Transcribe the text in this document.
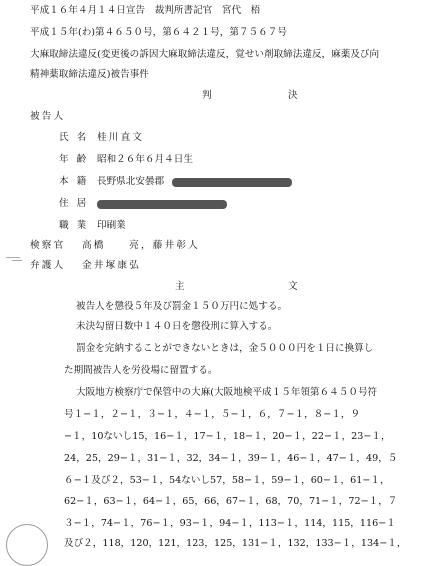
平成１６年４月１４日宣告　裁判所書記官　宮代　梧
平成１５年(わ)第４６５０号，第６４２１号，第７５６７号
大麻取締法違反(変更後の訴因大麻取締法違反，覚せい剤取締法違反，麻薬及び向
精神薬取締法違反)被告事件
判	決
被告人
氏名 桂川直文
年齢 昭和２６年６月４日生
本籍 長野県北安曇郡
住居
職業 印刷業
検察官 高橋　　亮，藤井彰人
弁護人 金井塚康弘
主	文
被告人を懲役５年及び罰金１５０万円に処する。
未決勾留日数中１４０日を懲役刑に算入する。
罰金を完納することができないときは，金５０００円を１日に換算し
た期間被告人を労役場に留置する。
大阪地方検察庁で保管中の大麻(大阪地検平成１５年領第６４５０号符
号１−１，２−１，３−１，４−１，５−１，６，７−１，８−１，９
−１，10ないし15，16−１，17−１，18−１，20−１，22−１，23−１，
24，25，29−１，31−１，32，34−１，39−１，46−１，47−１，49，５
６−１及び２，53−１，54ないし57，58−１，59−１，60−１，61−１，
62−１，63−１，64−１，65，66，67−１，68，70，71−１，72−１，７
３−１，74−１，76−１，93−１，94−１，113−１，114，115，116−１
及び２，118，120，121，123，125，131−１，132，133−１，134−１，
